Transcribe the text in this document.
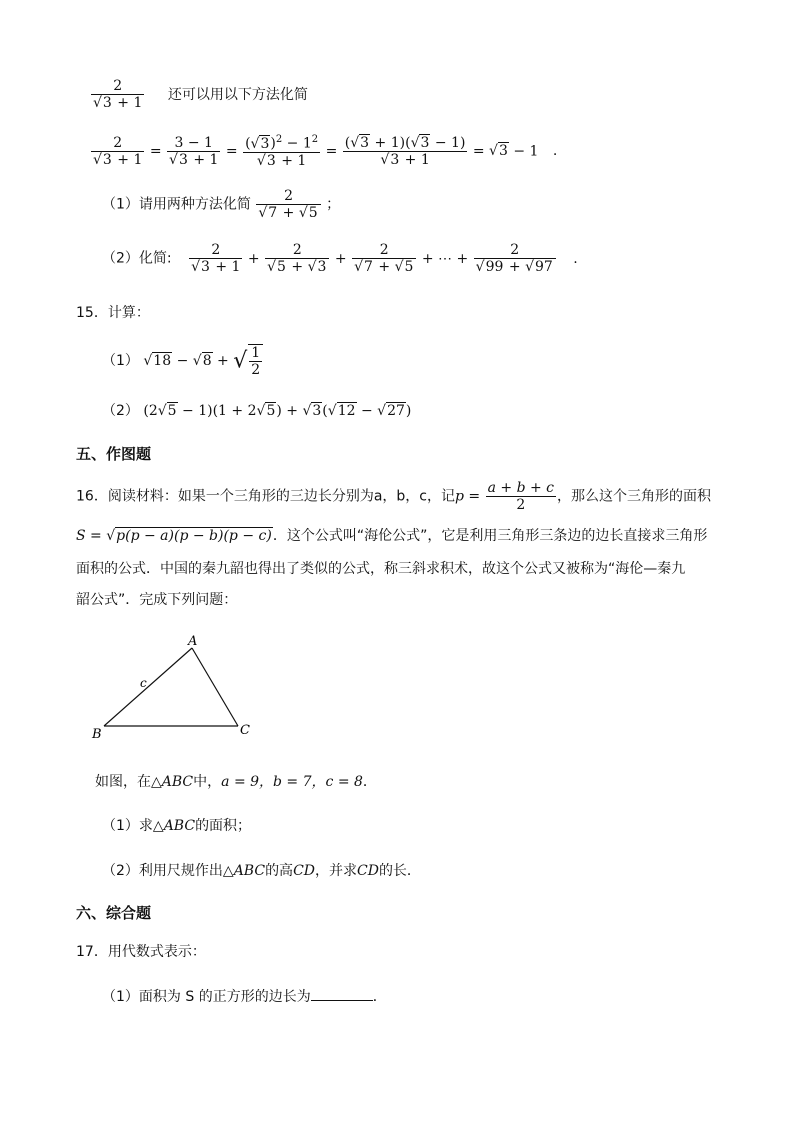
$\frac{2}{√3 + 1}$ 还可以用以下方法化简
$\frac{2}{√3 + 1} = \frac{3 - 1}{√3 + 1} = \frac{(√3)^2 - 1^2}{√3 + 1} = \frac{(√3 + 1)(√3 - 1)}{√3 + 1} = √3 - 1$ .
（1）请用两种方法化简 $\frac{2}{√7 + √5}$ ；
（2）化简: $\frac{2}{√3 + 1} + \frac{2}{√5 + √3} + \frac{2}{√7 + √5}$ + ⋯ + $\frac{2}{√99 + √97}$ .
15．计算：
（1） √18 − √8 + √ $\frac{1}{2}$
（2） (2√5 − 1)(1 + 2√5) + √3(√12 − √27)
五、作图题
16．阅读材料：如果一个三角形的三边长分别为a，b，c，记$p = \frac{a + b + c}{2}$ ，那么这个三角形的面积
S = √p(p − a)(p − b)(p − c)．这个公式叫“海伦公式”，它是利用三角形三条边的边长直接求三角形
面积的公式．中国的秦九韶也得出了类似的公式，称三斜求积术，故这个公式又被称为“海伦—秦九
韶公式”．完成下列问题：
A
B	C
c
如图，在△ABC中，a = 9，b = 7，c = 8．
（1）求△ABC的面积；
（2）利用尺规作出△ABC的高CD，并求CD的长．
六、综合题
17．用代数式表示：
（1）面积为 S 的正方形的边长为	．
